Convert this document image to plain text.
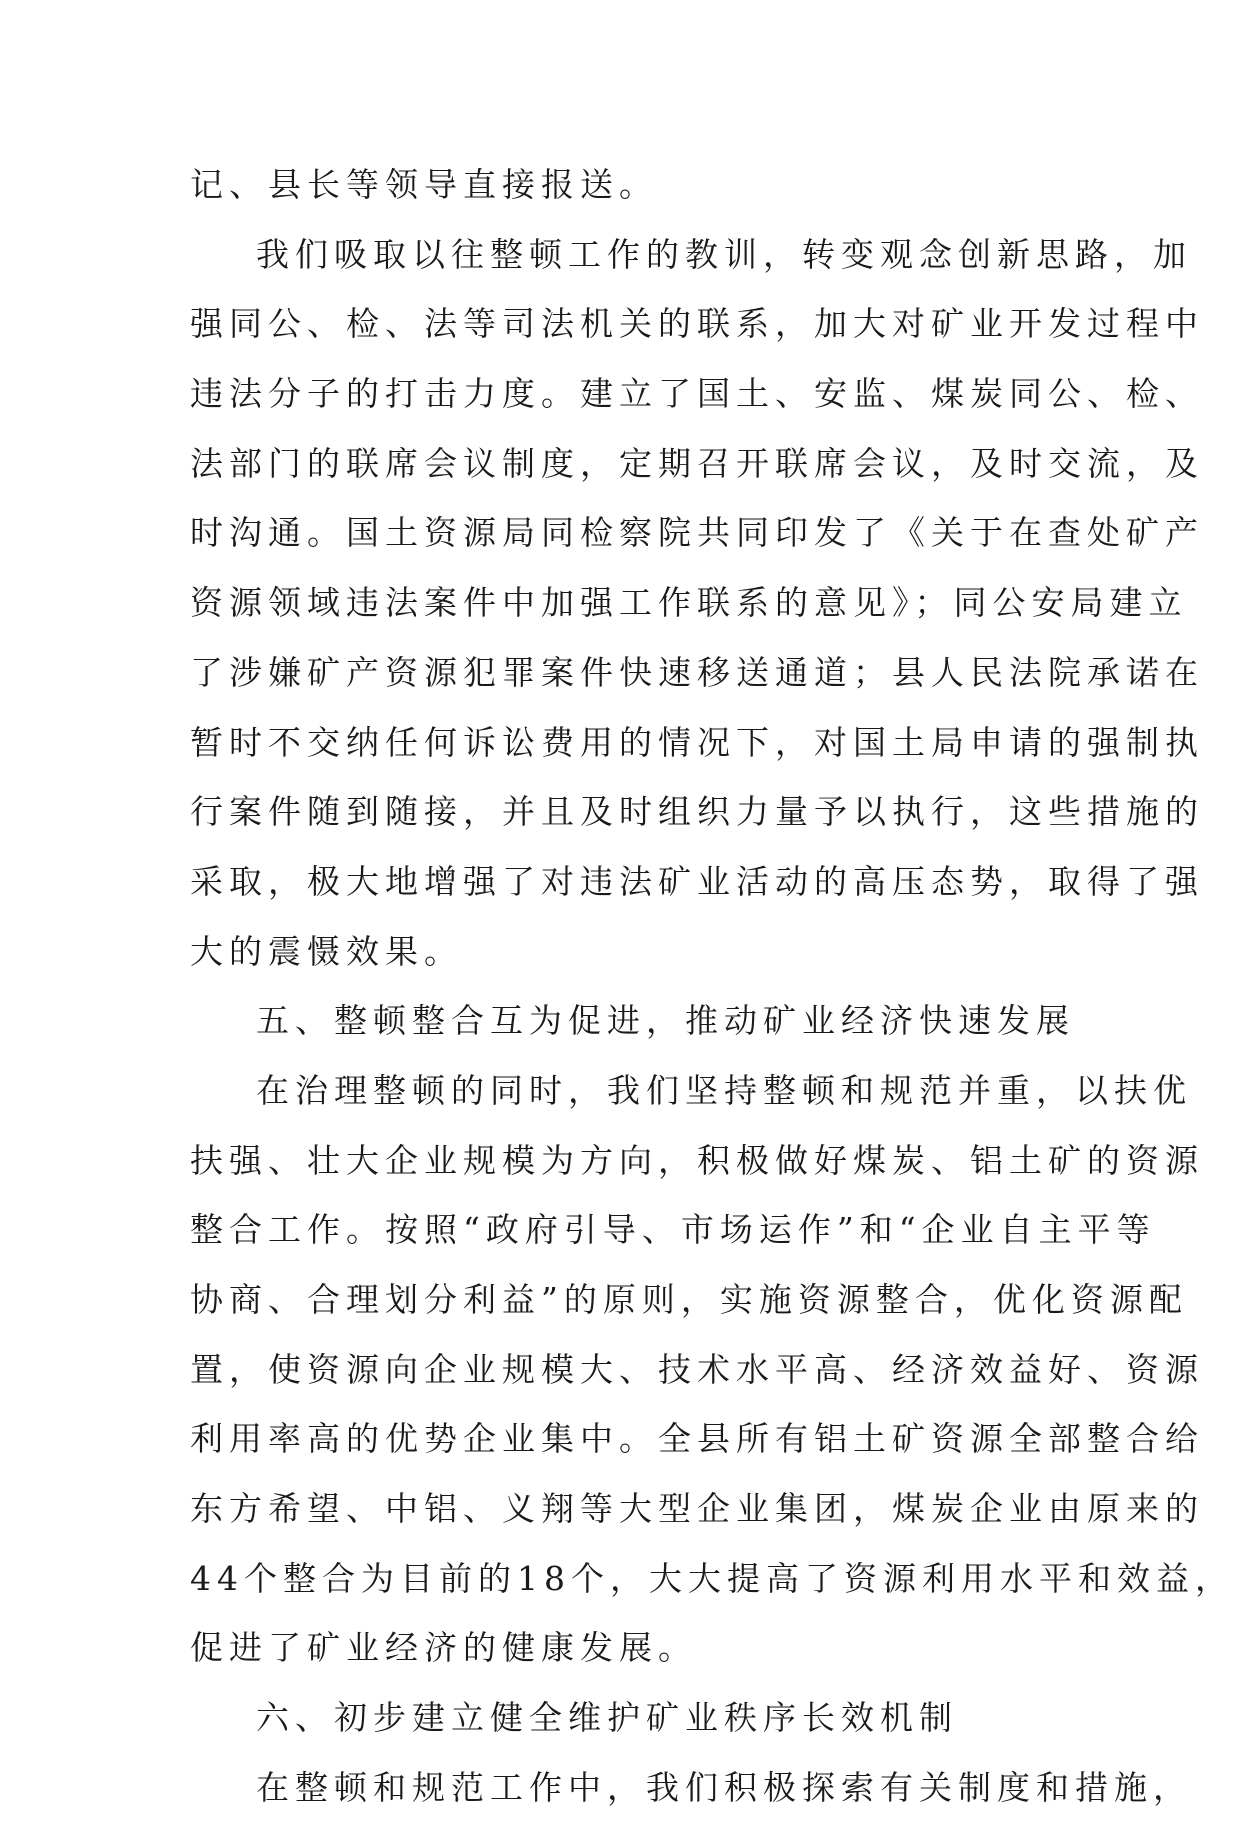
记、县长等领导直接报送。
我们吸取以往整顿工作的教训，转变观念创新思路，加
强同公、检、法等司法机关的联系，加大对矿业开发过程中
违法分子的打击力度。建立了国土、安监、煤炭同公、检、
法部门的联席会议制度，定期召开联席会议，及时交流，及
时沟通。国土资源局同检察院共同印发了《关于在查处矿产
资源领域违法案件中加强工作联系的意见》；同公安局建立
了涉嫌矿产资源犯罪案件快速移送通道；县人民法院承诺在
暂时不交纳任何诉讼费用的情况下，对国土局申请的强制执
行案件随到随接，并且及时组织力量予以执行，这些措施的
采取，极大地增强了对违法矿业活动的高压态势，取得了强
大的震慑效果。
五、整顿整合互为促进，推动矿业经济快速发展
在治理整顿的同时，我们坚持整顿和规范并重，以扶优
扶强、壮大企业规模为方向，积极做好煤炭、铝土矿的资源
整合工作。按照“政府引导、市场运作”和“企业自主平等
协商、合理划分利益”的原则，实施资源整合，优化资源配
置，使资源向企业规模大、技术水平高、经济效益好、资源
利用率高的优势企业集中。全县所有铝土矿资源全部整合给
东方希望、中铝、义翔等大型企业集团，煤炭企业由原来的
44个整合为目前的18个，大大提高了资源利用水平和效益，
促进了矿业经济的健康发展。
六、初步建立健全维护矿业秩序长效机制
在整顿和规范工作中，我们积极探索有关制度和措施，
